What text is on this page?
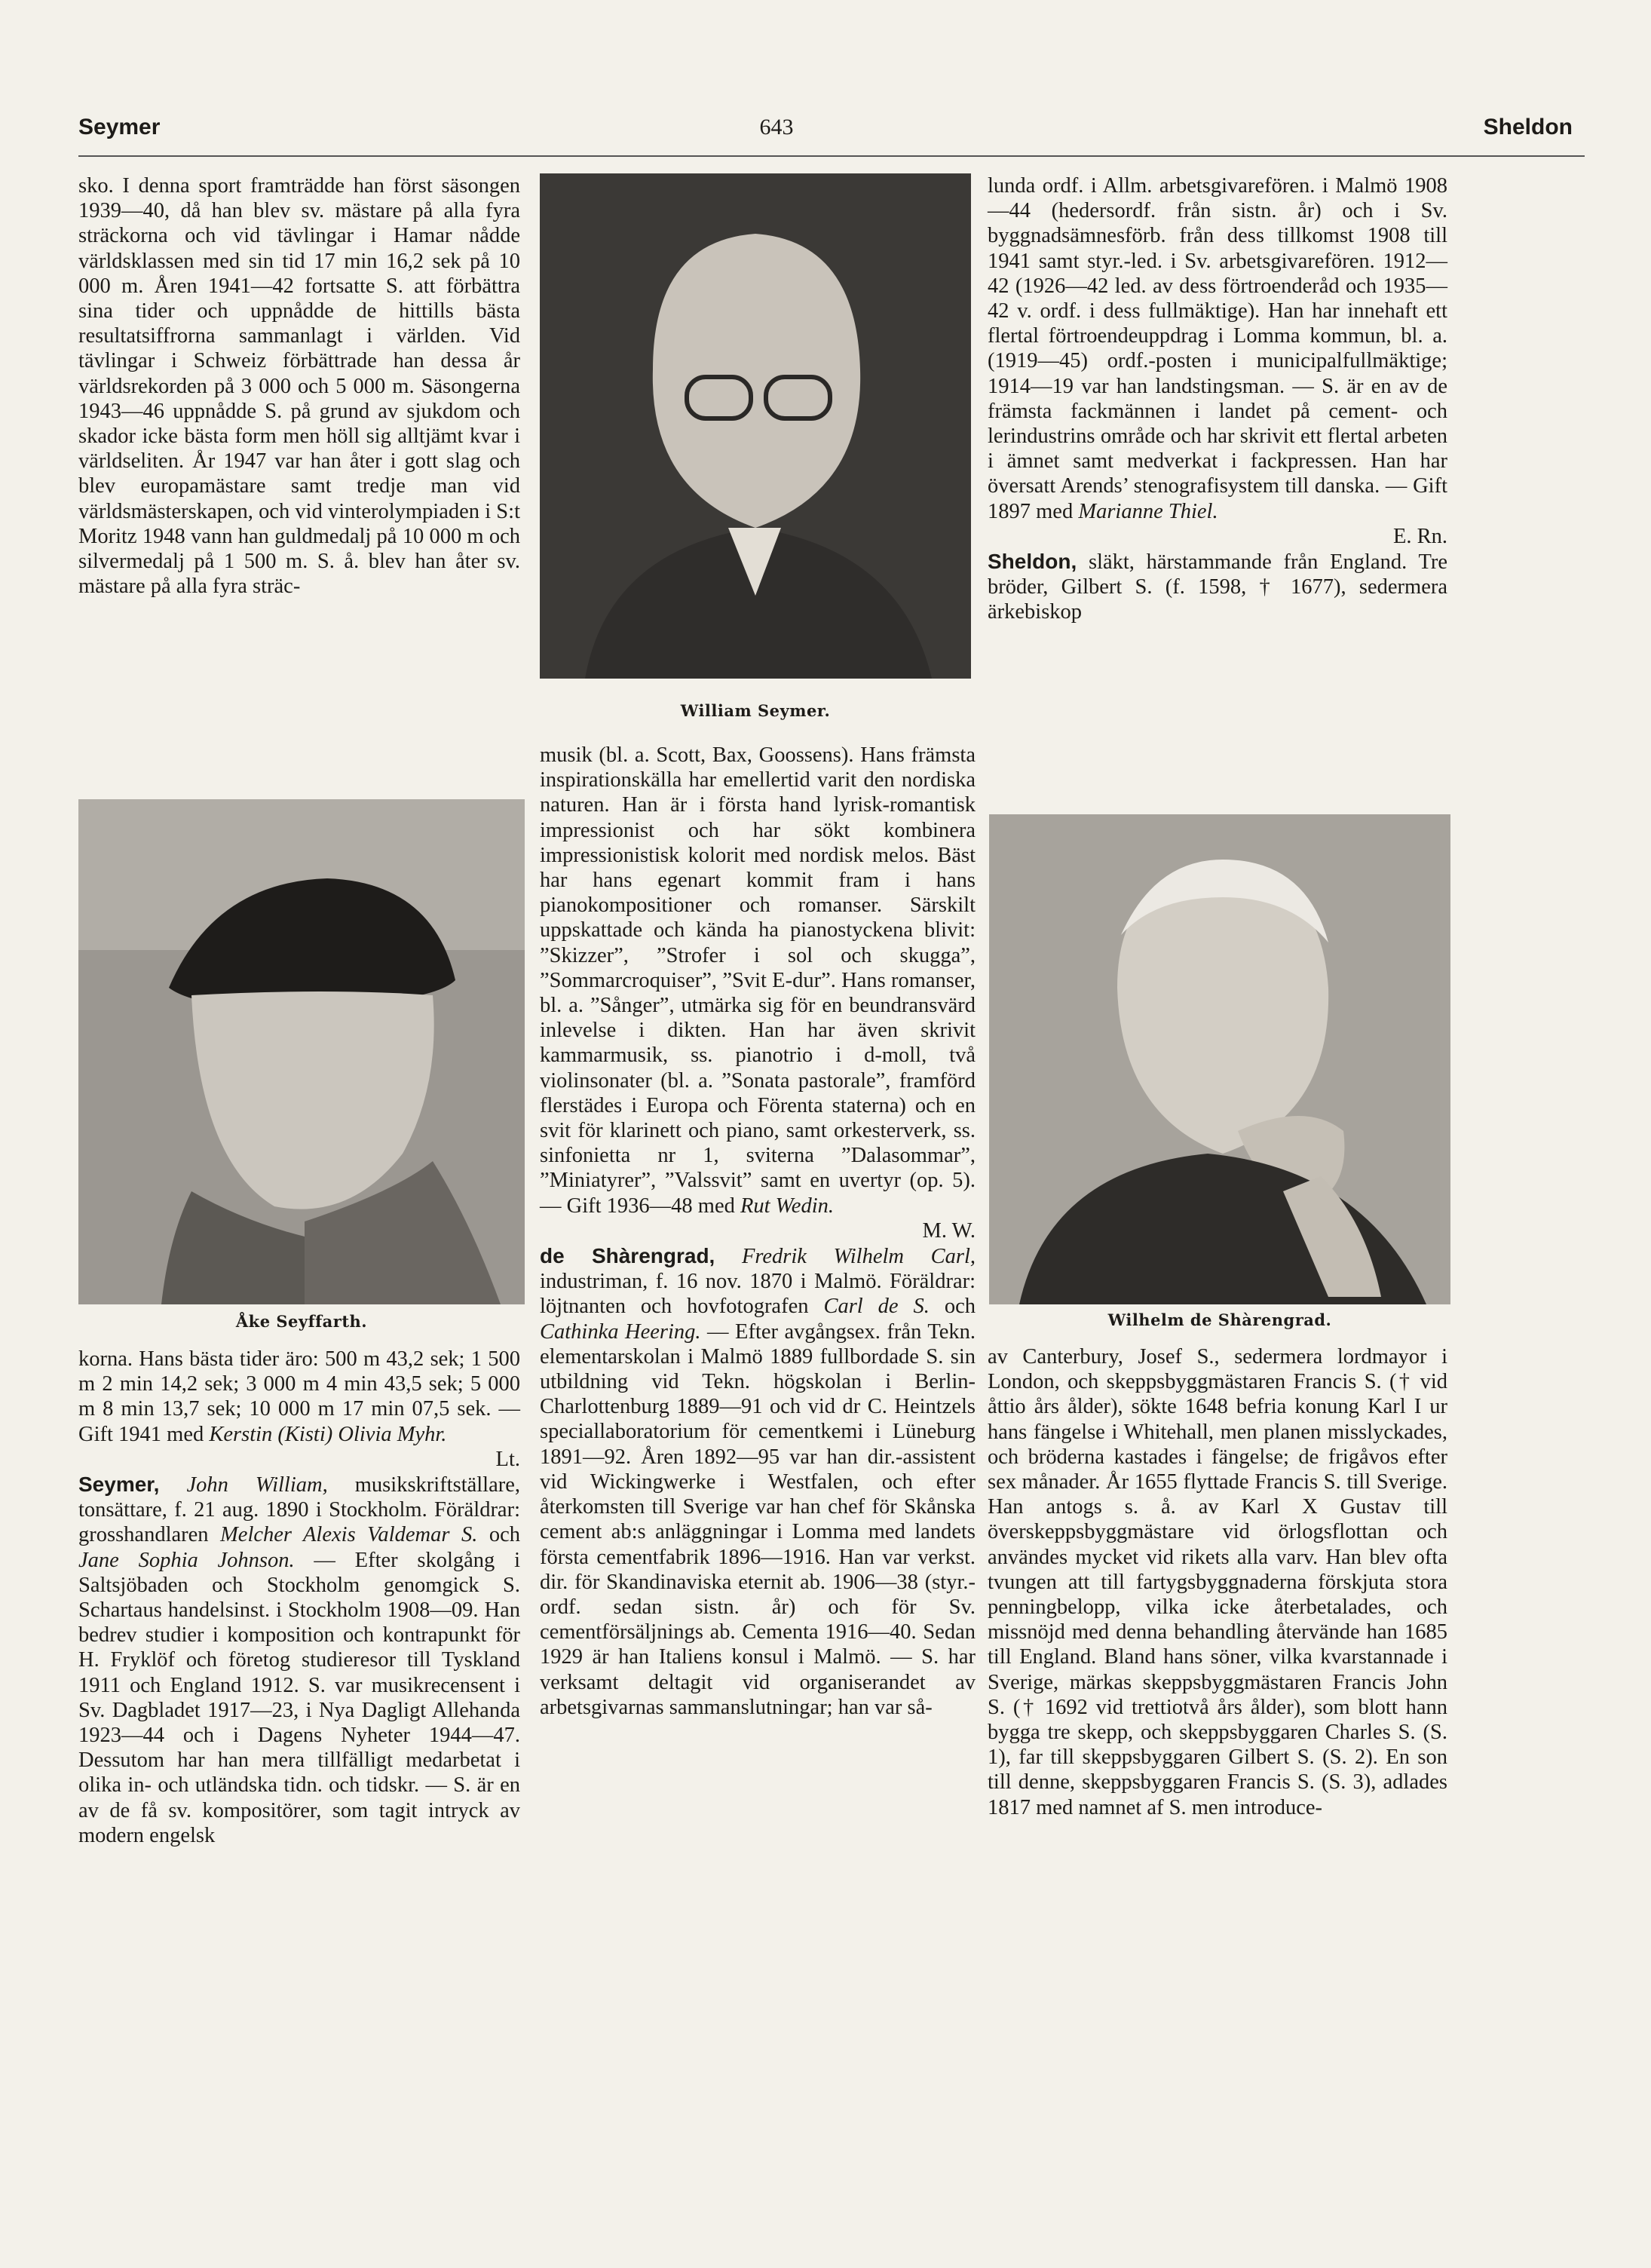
Seymer	643	Sheldon

sko. I denna sport framträdde han först säsongen 1939—40, då han blev sv. mästare på alla fyra sträckorna och vid tävlingar i Hamar nådde världsklassen med sin tid 17 min 16,2 sek på 10 000 m. Åren 1941—42 fortsatte S. att förbättra sina tider och uppnådde de hittills bästa resultatsiffrorna sammanlagt i världen. Vid tävlingar i Schweiz förbättrade han dessa år världsrekorden på 3 000 och 5 000 m. Säsongerna 1943—46 uppnådde S. på grund av sjukdom och skador icke bästa form men höll sig alltjämt kvar i världseliten. År 1947 var han åter i gott slag och blev europamästare samt tredje man vid världsmästerskapen, och vid vinterolympiaden i S:t Moritz 1948 vann han guldmedalj på 10 000 m och silvermedalj på 1 500 m. S. å. blev han åter sv. mästare på alla fyra sträc-

Åke Seyffarth.

korna. Hans bästa tider äro: 500 m 43,2 sek; 1 500 m 2 min 14,2 sek; 3 000 m 4 min 43,5 sek; 5 000 m 8 min 13,7 sek; 10 000 m 17 min 07,5 sek. — Gift 1941 med Kerstin (Kisti) Olivia Myhr.
Lt.

Seymer, John William, musikskriftställare, tonsättare, f. 21 aug. 1890 i Stockholm. Föräldrar: grosshandlaren Melcher Alexis Valdemar S. och Jane Sophia Johnson. — Efter skolgång i Saltsjöbaden och Stockholm genomgick S. Schartaus handelsinst. i Stockholm 1908—09. Han bedrev studier i komposition och kontrapunkt för H. Fryklöf och företog studieresor till Tyskland 1911 och England 1912. S. var musikrecensent i Sv. Dagbladet 1917—23, i Nya Dagligt Allehanda 1923—44 och i Dagens Nyheter 1944—47. Dessutom har han mera tillfälligt medarbetat i olika in- och utländska tidn. och tidskr. — S. är en av de få sv. kompositörer, som tagit intryck av modern engelsk

William Seymer.

musik (bl. a. Scott, Bax, Goossens). Hans främsta inspirationskälla har emellertid varit den nordiska naturen. Han är i första hand lyrisk-romantisk impressionist och har sökt kombinera impressionistisk kolorit med nordisk melos. Bäst har hans egenart kommit fram i hans pianokompositioner och romanser. Särskilt uppskattade och kända ha pianostyckena blivit: ”Skizzer”, ”Strofer i sol och skugga”, ”Sommarcroquiser”, ”Svit E-dur”. Hans romanser, bl. a. ”Sånger”, utmärka sig för en beundransvärd inlevelse i dikten. Han har även skrivit kammarmusik, ss. pianotrio i d-moll, två violinsonater (bl. a. ”Sonata pastorale”, framförd flerstädes i Europa och Förenta staterna) och en svit för klarinett och piano, samt orkesterverk, ss. sinfonietta nr 1, sviterna ”Dalasommar”, ”Miniatyrer”, ”Valssvit” samt en uvertyr (op. 5). — Gift 1936—48 med Rut Wedin.
M. W.

de Shàrengrad, Fredrik Wilhelm Carl, industriman, f. 16 nov. 1870 i Malmö. Föräldrar: löjtnanten och hovfotografen Carl de S. och Cathinka Heering. — Efter avgångsex. från Tekn. elementarskolan i Malmö 1889 fullbordade S. sin utbildning vid Tekn. högskolan i Berlin-Charlottenburg 1889—91 och vid dr C. Heintzels speciallaboratorium för cementkemi i Lüneburg 1891—92. Åren 1892—95 var han dir.-assistent vid Wickingwerke i Westfalen, och efter återkomsten till Sverige var han chef för Skånska cement ab:s anläggningar i Lomma med landets första cementfabrik 1896—1916. Han var verkst. dir. för Skandinaviska eternit ab. 1906—38 (styr.-ordf. sedan sistn. år) och för Sv. cementförsäljnings ab. Cementa 1916—40. Sedan 1929 är han Italiens konsul i Malmö. — S. har verksamt deltagit vid organiserandet av arbetsgivarnas sammanslutningar; han var så-

lunda ordf. i Allm. arbetsgivarefören. i Malmö 1908—44 (hedersordf. från sistn. år) och i Sv. byggnadsämnesförb. från dess tillkomst 1908 till 1941 samt styr.-led. i Sv. arbetsgivarefören. 1912—42 (1926—42 led. av dess förtroenderåd och 1935—42 v. ordf. i dess fullmäktige). Han har innehaft ett flertal förtroendeuppdrag i Lomma kommun, bl. a. (1919—45) ordf.-posten i municipalfullmäktige; 1914—19 var han landstingsman. — S. är en av de främsta fackmännen i landet på cement- och lerindustrins område och har skrivit ett flertal arbeten i ämnet samt medverkat i fackpressen. Han har översatt Arends’ stenografisystem till danska. — Gift 1897 med Marianne Thiel.
E. Rn.

Sheldon, släkt, härstammande från England. Tre bröder, Gilbert S. (f. 1598, † 1677), sedermera ärkebiskop

Wilhelm de Shàrengrad.

av Canterbury, Josef S., sedermera lordmayor i London, och skeppsbyggmästaren Francis S. († vid åttio års ålder), sökte 1648 befria konung Karl I ur hans fängelse i Whitehall, men planen misslyckades, och bröderna kastades i fängelse; de frigåvos efter sex månader. År 1655 flyttade Francis S. till Sverige. Han antogs s. å. av Karl X Gustav till överskeppsbyggmästare vid örlogsflottan och användes mycket vid rikets alla varv. Han blev ofta tvungen att till fartygsbyggnaderna förskjuta stora penningbelopp, vilka icke återbetalades, och missnöjd med denna behandling återvände han 1685 till England. Bland hans söner, vilka kvarstannade i Sverige, märkas skeppsbyggmästaren Francis John S. († 1692 vid trettiotvå års ålder), som blott hann bygga tre skepp, och skeppsbyggaren Charles S. (S. 1), far till skeppsbyggaren Gilbert S. (S. 2). En son till denne, skeppsbyggaren Francis S. (S. 3), adlades 1817 med namnet af S. men introduce-
